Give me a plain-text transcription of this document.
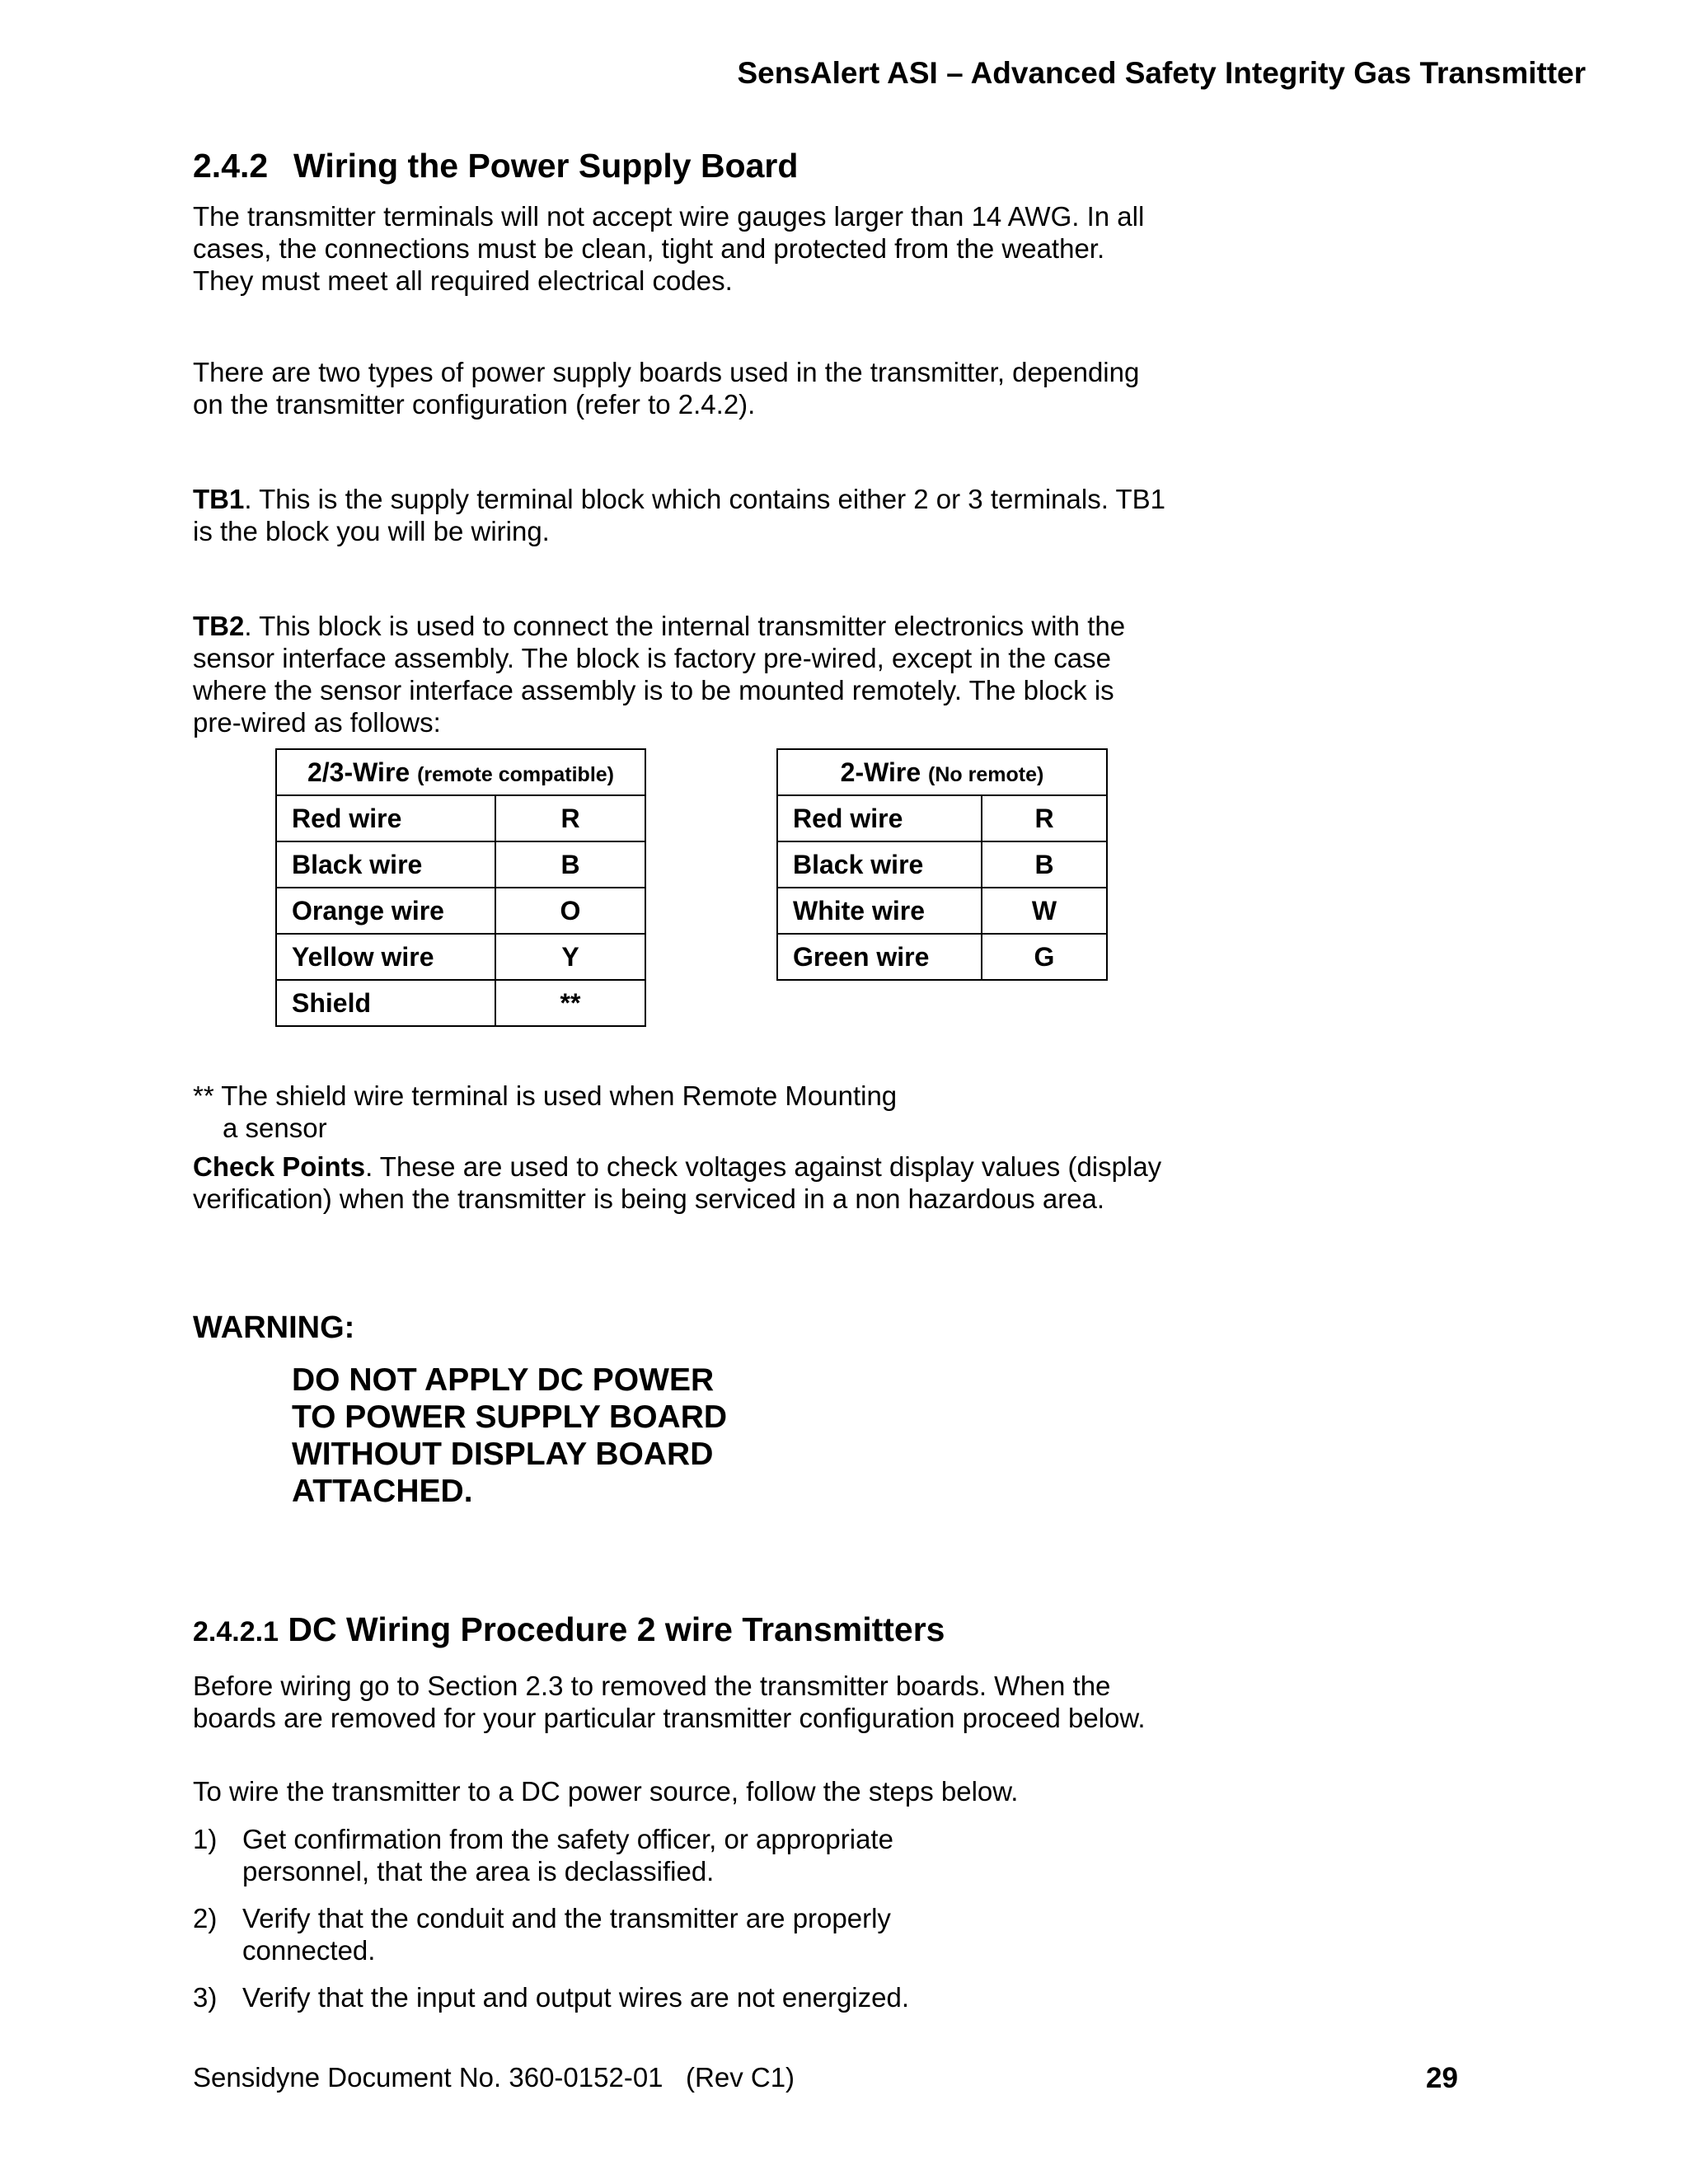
SensAlert ASI – Advanced Safety Integrity Gas Transmitter
2.4.2 Wiring the Power Supply Board
The transmitter terminals will not accept wire gauges larger than 14 AWG. In all cases, the connections must be clean, tight and protected from the weather. They must meet all required electrical codes.
There are two types of power supply boards used in the transmitter, depending on the transmitter configuration (refer to 2.4.2).
TB1. This is the supply terminal block which contains either 2 or 3 terminals. TB1 is the block you will be wiring.
TB2. This block is used to connect the internal transmitter electronics with the sensor interface assembly. The block is factory pre-wired, except in the case where the sensor interface assembly is to be mounted remotely. The block is pre-wired as follows:
2/3-Wire (remote compatible)	
Red wire	R
Black wire	B
Orange wire	O
Yellow wire	Y
Shield	**
2-Wire (No remote)	
Red wire	R
Black wire	B
White wire	W
Green wire	G
** The shield wire terminal is used when Remote Mounting
a sensor
Check Points. These are used to check voltages against display values (display verification) when the transmitter is being serviced in a non hazardous area.
WARNING:
DO NOT APPLY DC POWER
TO POWER SUPPLY BOARD
WITHOUT DISPLAY BOARD
ATTACHED.
2.4.2.1 DC Wiring Procedure 2 wire Transmitters
Before wiring go to Section 2.3 to removed the transmitter boards. When the boards are removed for your particular transmitter configuration proceed below.
To wire the transmitter to a DC power source, follow the steps below.
1) Get confirmation from the safety officer, or appropriate personnel, that the area is declassified.
2) Verify that the conduit and the transmitter are properly connected.
3) Verify that the input and output wires are not energized.
Sensidyne Document No. 360-0152-01   (Rev C1)	29
